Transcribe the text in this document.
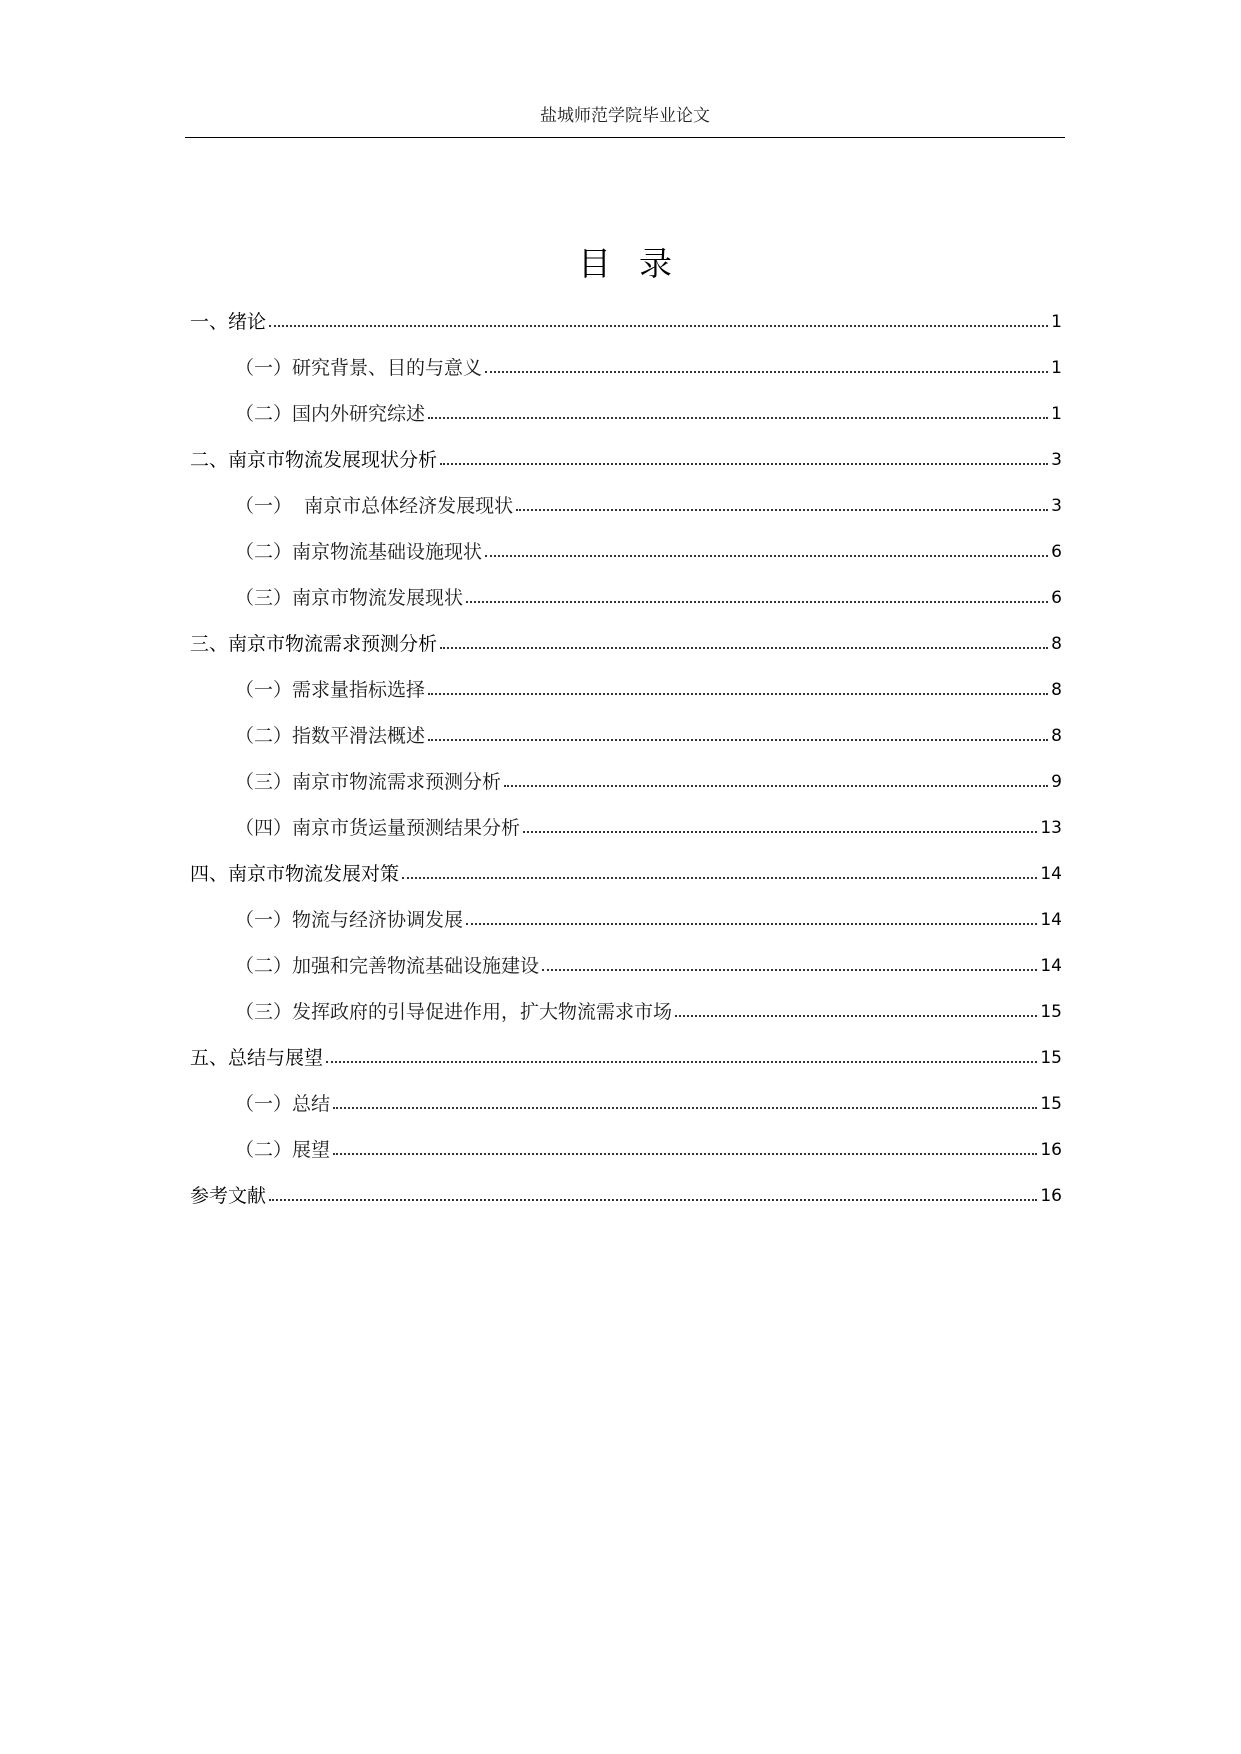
盐城师范学院毕业论文
目录
一、绪论	1
（一）研究背景、目的与意义	1
（二）国内外研究综述	1
二、南京市物流发展现状分析	3
（一）  南京市总体经济发展现状	3
（二）南京物流基础设施现状	6
（三）南京市物流发展现状	6
三、南京市物流需求预测分析	8
（一）需求量指标选择	8
（二）指数平滑法概述	8
（三）南京市物流需求预测分析	9
（四）南京市货运量预测结果分析	13
四、南京市物流发展对策	14
（一）物流与经济协调发展	14
（二）加强和完善物流基础设施建设	14
（三）发挥政府的引导促进作用，扩大物流需求市场	15
五、总结与展望	15
（一）总结	15
（二）展望	16
参考文献	16
